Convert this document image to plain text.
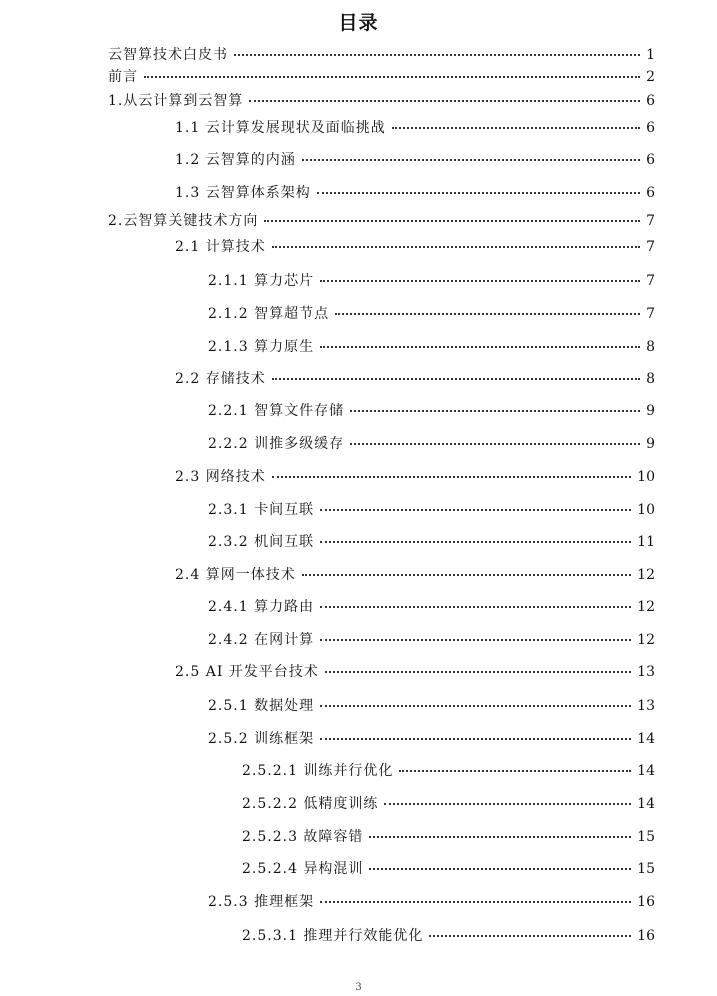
目录
云智算技术白皮书	1
前言	2
1.从云计算到云智算	6
1.1 云计算发展现状及面临挑战	6
1.2 云智算的内涵	6
1.3 云智算体系架构	6
2.云智算关键技术方向	7
2.1 计算技术	7
2.1.1 算力芯片	7
2.1.2 智算超节点	7
2.1.3 算力原生	8
2.2 存储技术	8
2.2.1 智算文件存储	9
2.2.2 训推多级缓存	9
2.3 网络技术	10
2.3.1 卡间互联	10
2.3.2 机间互联	11
2.4 算网一体技术	12
2.4.1 算力路由	12
2.4.2 在网计算	12
2.5 AI 开发平台技术	13
2.5.1 数据处理	13
2.5.2 训练框架	14
2.5.2.1 训练并行优化	14
2.5.2.2 低精度训练	14
2.5.2.3 故障容错	15
2.5.2.4 异构混训	15
2.5.3 推理框架	16
2.5.3.1 推理并行效能优化	16
3
